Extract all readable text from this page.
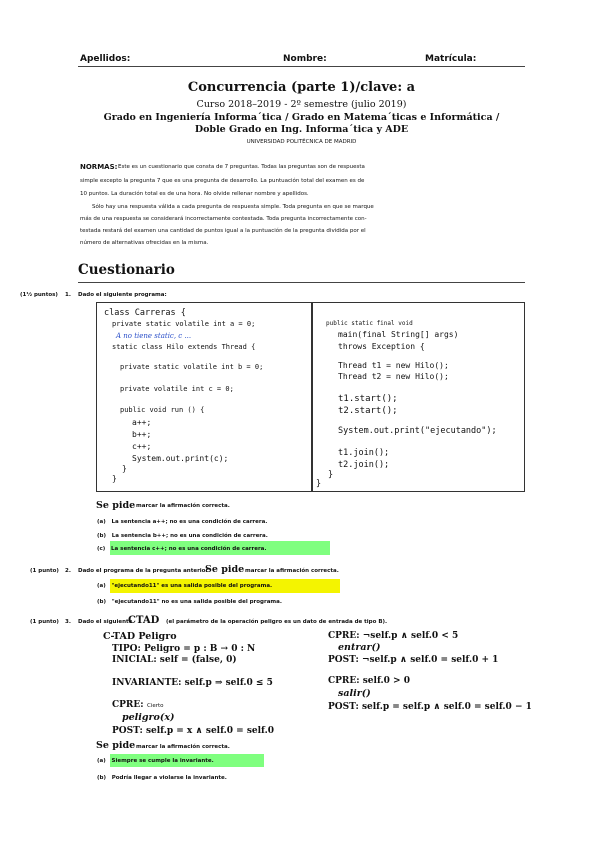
Apellidos:	Nombre:	Matrícula:
Concurrencia (parte 1)/clave: a
Curso 2018–2019 - 2º semestre (julio 2019)
Grado en Ingeniería Informa´tica / Grado en Matema´ticas e Informática /
Doble Grado en Ing. Informa´tica y ADE
UNIVERSIDAD POLITÉCNICA DE MADRID
NORMAS: Este es un cuestionario que consta de 7 preguntas. Todas las preguntas son de respuesta
simple excepto la pregunta 7 que es una pregunta de desarrollo. La puntuación total del examen es de
10 puntos. La duración total es de una hora. No olvide rellenar nombre y apellidos.
Sólo hay una respuesta válida a cada pregunta de respuesta simple. Toda pregunta en que se marque
más de una respuesta se considerará incorrectamente contestada. Toda pregunta incorrectamente con-
testada restará del examen una cantidad de puntos igual a la puntuación de la pregunta dividida por el
número de alternativas ofrecidas en la misma.
Cuestionario
(1½ puntos) 1. Dado el siguiente programa:
class Carreras {
private static volatile int a = 0;
A no tiene static, c ...
static class Hilo extends Thread {
private static volatile int b = 0;
private volatile int c = 0;
public void run () {
a++;
b++;
c++;
System.out.print(c);
}
}
public static final void
main(final String[] args)
throws Exception {
Thread t1 = new Hilo();
Thread t2 = new Hilo();
t1.start();
t2.start();
System.out.print("ejecutando");
t1.join();
t2.join();
}
}
Se pide marcar la afirmación correcta.
(a) La sentencia a++; no es una condición de carrera.
(b) La sentencia b++; no es una condición de carrera.
(c) La sentencia c++; no es una condición de carrera.
(1 punto) 2. Dado el programa de la pregunta anterior
Se pide marcar la afirmación correcta.
(a) "ejecutando11" es una salida posible del programa.
(b) "ejecutando11" no es una salida posible del programa.
(1 punto) 3. Dado el siguiente
CTAD (el parámetro de la operación peligro es un dato de entrada de tipo B).
C-TAD Peligro
TIPO: Peligro = p : B → 0 : N
INICIAL: self = (false, 0)
INVARIANTE: self.p ⇒ self.0 ≤ 5
CPRE: Cierto
peligro(x)
POST: self.p = x ∧ self.0 = self.0
CPRE: ¬self.p ∧ self.0 < 5
entrar()
POST: ¬self.p ∧ self.0 = self.0 + 1
CPRE: self.0 > 0
salir()
POST: self.p = self.p ∧ self.0 = self.0 − 1
Se pide marcar la afirmación correcta.
(a) Siempre se cumple la invariante.
(b) Podría llegar a violarse la invariante.
